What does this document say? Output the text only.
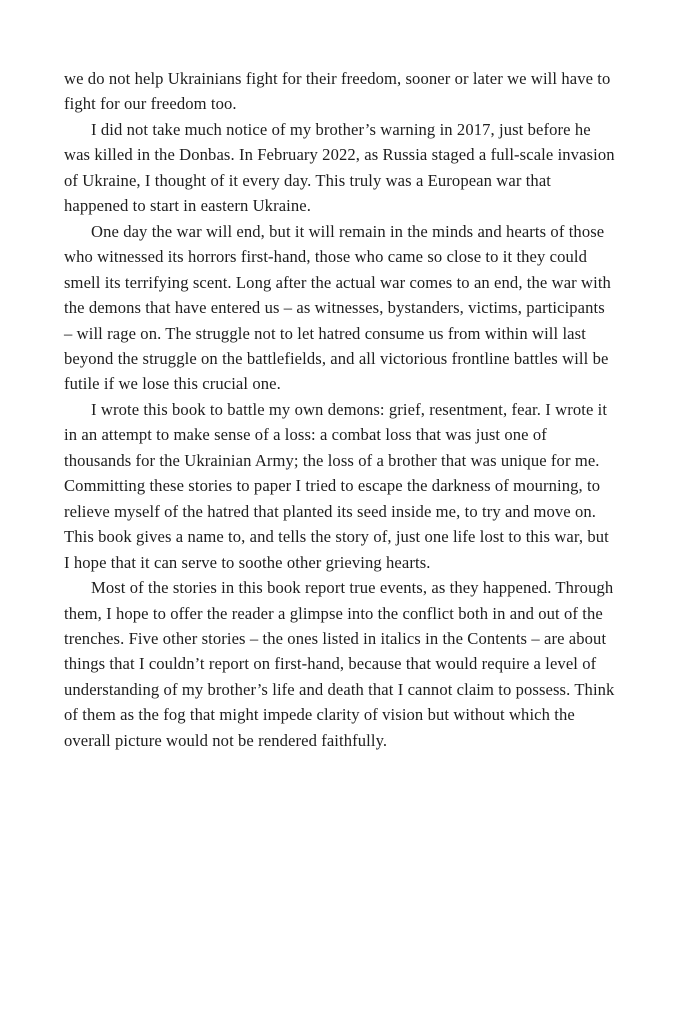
we do not help Ukrainians fight for their freedom, sooner or later we will have to fight for our freedom too.

I did not take much notice of my brother’s warning in 2017, just before he was killed in the Donbas. In February 2022, as Russia staged a full-scale invasion of Ukraine, I thought of it every day. This truly was a European war that happened to start in eastern Ukraine.

One day the war will end, but it will remain in the minds and hearts of those who witnessed its horrors first-hand, those who came so close to it they could smell its terrifying scent. Long after the actual war comes to an end, the war with the demons that have entered us – as witnesses, bystanders, victims, participants – will rage on. The struggle not to let hatred consume us from within will last beyond the struggle on the battlefields, and all victorious frontline battles will be futile if we lose this crucial one.

I wrote this book to battle my own demons: grief, resentment, fear. I wrote it in an attempt to make sense of a loss: a combat loss that was just one of thousands for the Ukrainian Army; the loss of a brother that was unique for me. Committing these stories to paper I tried to escape the darkness of mourning, to relieve myself of the hatred that planted its seed inside me, to try and move on. This book gives a name to, and tells the story of, just one life lost to this war, but I hope that it can serve to soothe other grieving hearts.

Most of the stories in this book report true events, as they happened. Through them, I hope to offer the reader a glimpse into the conflict both in and out of the trenches. Five other stories – the ones listed in italics in the Contents – are about things that I couldn’t report on first-hand, because that would require a level of understanding of my brother’s life and death that I cannot claim to possess. Think of them as the fog that might impede clarity of vision but without which the overall picture would not be rendered faithfully.
